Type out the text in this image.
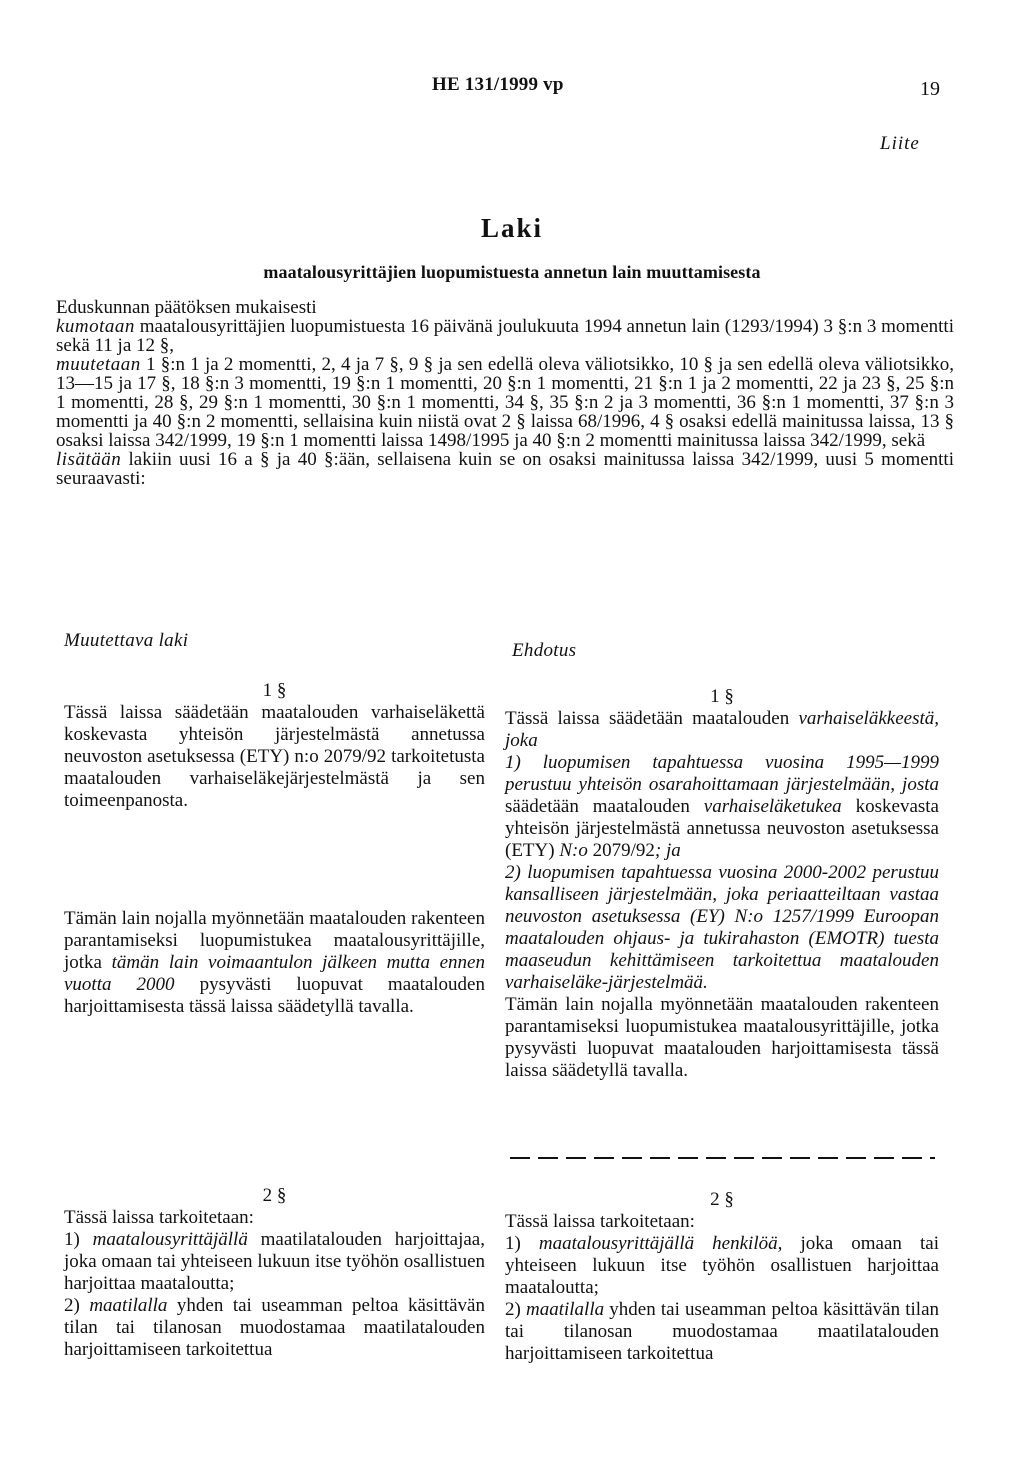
HE 131/1999 vp	19
Liite
Laki
maatalousyrittäjien luopumistuesta annetun lain muuttamisesta

Eduskunnan päätöksen mukaisesti

kumotaan maatalousyrittäjien luopumistuesta 16 päivänä joulukuuta 1994 annetun lain (1293/1994) 3 §:n 3 momentti sekä 11 ja 12 §,

muutetaan 1 §:n 1 ja 2 momentti, 2, 4 ja 7 §, 9 § ja sen edellä oleva väliotsikko, 10 § ja sen edellä oleva väliotsikko, 13—15 ja 17 §, 18 §:n 3 momentti, 19 §:n 1 momentti, 20 §:n 1 momentti, 21 §:n 1 ja 2 momentti, 22 ja 23 §, 25 §:n 1 momentti, 28 §, 29 §:n 1 momentti, 30 §:n 1 momentti, 34 §, 35 §:n 2 ja 3 momentti, 36 §:n 1 momentti, 37 §:n 3 momentti ja 40 §:n 2 momentti, sellaisina kuin niistä ovat 2 § laissa 68/1996, 4 § osaksi edellä mainitussa laissa, 13 § osaksi laissa 342/1999, 19 §:n 1 momentti laissa 1498/1995 ja 40 §:n 2 momentti mainitussa laissa 342/1999, sekä

lisätään lakiin uusi 16 a § ja 40 §:ään, sellaisena kuin se on osaksi mainitussa laissa 342/1999, uusi 5 momentti seuraavasti:

Muutettava laki	Ehdotus

1 §

Tässä laissa säädetään maatalouden varhaiseläkettä koskevasta yhteisön järjestelmästä annetussa neuvoston asetuksessa (ETY) n:o 2079/92 tarkoitetusta maatalouden varhaiseläkejärjestelmästä ja sen toimeenpanosta.

Tämän lain nojalla myönnetään maatalouden rakenteen parantamiseksi luopumistukea maatalousyrittäjille, jotka tämän lain voimaantulon jälkeen mutta ennen vuotta 2000 pysyvästi luopuvat maatalouden harjoittamisesta tässä laissa säädetyllä tavalla.

2 §

Tässä laissa tarkoitetaan:

1) maatalousyrittäjällä maatilatalouden harjoittajaa, joka omaan tai yhteiseen lukuun itse työhön osallistuen harjoittaa maataloutta;

2) maatilalla yhden tai useamman peltoa käsittävän tilan tai tilanosan muodostamaa maatilatalouden harjoittamiseen tarkoitettua

1 §

Tässä laissa säädetään maatalouden varhaiseläkkeestä, joka

1) luopumisen tapahtuessa vuosina 1995—1999 perustuu yhteisön osarahoittamaan järjestelmään, josta säädetään maatalouden varhaiseläketukea koskevasta yhteisön järjestelmästä annetussa neuvoston asetuksessa (ETY) N:o 2079/92; ja

2) luopumisen tapahtuessa vuosina 2000-2002 perustuu kansalliseen järjestelmään, joka periaatteiltaan vastaa neuvoston asetuksessa (EY) N:o 1257/1999 Euroopan maatalouden ohjaus- ja tukirahaston (EMOTR) tuesta maaseudun kehittämiseen tarkoitettua maatalouden varhaiseläke-järjestelmää.

Tämän lain nojalla myönnetään maatalouden rakenteen parantamiseksi luopumistukea maatalousyrittäjille, jotka pysyvästi luopuvat maatalouden harjoittamisesta tässä laissa säädetyllä tavalla.

2 §

Tässä laissa tarkoitetaan:

1) maatalousyrittäjällä henkilöä, joka omaan tai yhteiseen lukuun itse työhön osallistuen harjoittaa maataloutta;

2) maatilalla yhden tai useamman peltoa käsittävän tilan tai tilanosan muodostamaa maatilatalouden harjoittamiseen tarkoitettua
